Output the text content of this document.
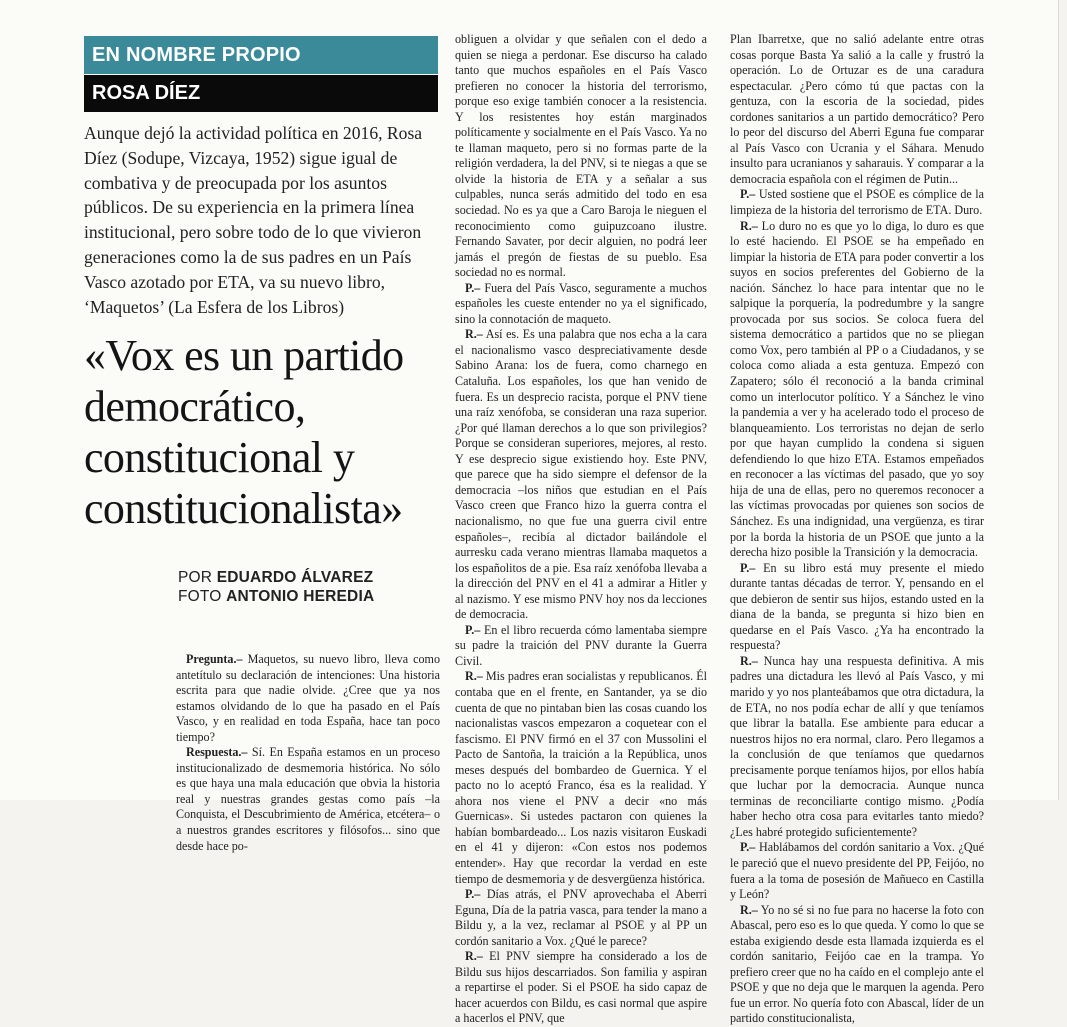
EN NOMBRE PROPIO
ROSA DÍEZ

Aunque dejó la actividad política en 2016, Rosa Díez (Sodupe, Vizcaya, 1952) sigue igual de combativa y de preocupada por los asuntos públicos. De su experiencia en la primera línea institucional, pero sobre todo de lo que vivieron generaciones como la de sus padres en un País Vasco azotado por ETA, va su nuevo libro, ‘Maquetos’ (La Esfera de los Libros)

«Vox es un partido democrático, constitucional y constitucionalista»
POR EDUARDO ÁLVAREZ
FOTO ANTONIO HEREDIA

Pregunta.– Maquetos, su nuevo libro, lleva como antetítulo su declaración de intenciones: Una historia escrita para que nadie olvide. ¿Cree que ya nos estamos olvidando de lo que ha pasado en el País Vasco, y en realidad en toda España, hace tan poco tiempo?

Respuesta.– Sí. En España estamos en un proceso institucionalizado de desmemoria histórica. No sólo es que haya una mala educación que obvia la historia real y nuestras grandes gestas como país –la Conquista, el Descubrimiento de América, etcétera– o a nuestros grandes escritores y filósofos... sino que desde hace po-

obliguen a olvidar y que señalen con el dedo a quien se niega a perdonar. Ese discurso ha calado tanto que muchos españoles en el País Vasco prefieren no conocer la historia del terrorismo, porque eso exige también conocer a la resistencia. Y los resistentes hoy están marginados políticamente y socialmente en el País Vasco. Ya no te llaman maqueto, pero si no formas parte de la religión verdadera, la del PNV, si te niegas a que se olvide la historia de ETA y a señalar a sus culpables, nunca serás admitido del todo en esa sociedad. No es ya que a Caro Baroja le nieguen el reconocimiento como guipuzcoano ilustre. Fernando Savater, por decir alguien, no podrá leer jamás el pregón de fiestas de su pueblo. Esa sociedad no es normal.

P.– Fuera del País Vasco, seguramente a muchos españoles les cueste entender no ya el significado, sino la connotación de maqueto.

R.– Así es. Es una palabra que nos echa a la cara el nacionalismo vasco despreciativamente desde Sabino Arana: los de fuera, como charnego en Cataluña. Los españoles, los que han venido de fuera. Es un desprecio racista, porque el PNV tiene una raíz xenófoba, se consideran una raza superior. ¿Por qué llaman derechos a lo que son privilegios? Porque se consideran superiores, mejores, al resto. Y ese desprecio sigue existiendo hoy. Este PNV, que parece que ha sido siempre el defensor de la democracia –los niños que estudian en el País Vasco creen que Franco hizo la guerra contra el nacionalismo, no que fue una guerra civil entre españoles–, recibía al dictador bailándole el aurresku cada verano mientras llamaba maquetos a los españolitos de a pie. Esa raíz xenófoba llevaba a la dirección del PNV en el 41 a admirar a Hitler y al nazismo. Y ese mismo PNV hoy nos da lecciones de democracia.

P.– En el libro recuerda cómo lamentaba siempre su padre la traición del PNV durante la Guerra Civil.

R.– Mis padres eran socialistas y republicanos. Él contaba que en el frente, en Santander, ya se dio cuenta de que no pintaban bien las cosas cuando los nacionalistas vascos empezaron a coquetear con el fascismo. El PNV firmó en el 37 con Mussolini el Pacto de Santoña, la traición a la República, unos meses después del bombardeo de Guernica. Y el pacto no lo aceptó Franco, ésa es la realidad. Y ahora nos viene el PNV a decir «no más Guernicas». Si ustedes pactaron con quienes la habían bombardeado... Los nazis visitaron Euskadi en el 41 y dijeron: «Con estos nos podemos entender». Hay que recordar la verdad en este tiempo de desmemoria y de desvergüenza histórica.

P.– Días atrás, el PNV aprovechaba el Aberri Eguna, Día de la patria vasca, para tender la mano a Bildu y, a la vez, reclamar al PSOE y al PP un cordón sanitario a Vox. ¿Qué le parece?

R.– El PNV siempre ha considerado a los de Bildu sus hijos descarriados. Son familia y aspiran a repartirse el poder. Si el PSOE ha sido capaz de hacer acuerdos con Bildu, es casi normal que aspire a hacerlos el PNV, que

Plan Ibarretxe, que no salió adelante entre otras cosas porque Basta Ya salió a la calle y frustró la operación. Lo de Ortuzar es de una caradura espectacular. ¿Pero cómo tú que pactas con la gentuza, con la escoria de la sociedad, pides cordones sanitarios a un partido democrático? Pero lo peor del discurso del Aberri Eguna fue comparar al País Vasco con Ucrania y el Sáhara. Menudo insulto para ucranianos y saharauis. Y comparar a la democracia española con el régimen de Putin...

P.– Usted sostiene que el PSOE es cómplice de la limpieza de la historia del terrorismo de ETA. Duro.

R.– Lo duro no es que yo lo diga, lo duro es que lo esté haciendo. El PSOE se ha empeñado en limpiar la historia de ETA para poder convertir a los suyos en socios preferentes del Gobierno de la nación. Sánchez lo hace para intentar que no le salpique la porquería, la podredumbre y la sangre provocada por sus socios. Se coloca fuera del sistema democrático a partidos que no se pliegan como Vox, pero también al PP o a Ciudadanos, y se coloca como aliada a esta gentuza. Empezó con Zapatero; sólo él reconoció a la banda criminal como un interlocutor político. Y a Sánchez le vino la pandemia a ver y ha acelerado todo el proceso de blanqueamiento. Los terroristas no dejan de serlo por que hayan cumplido la condena si siguen defendiendo lo que hizo ETA. Estamos empeñados en reconocer a las víctimas del pasado, que yo soy hija de una de ellas, pero no queremos reconocer a las víctimas provocadas por quienes son socios de Sánchez. Es una indignidad, una vergüenza, es tirar por la borda la historia de un PSOE que junto a la derecha hizo posible la Transición y la democracia.

P.– En su libro está muy presente el miedo durante tantas décadas de terror. Y, pensando en el que debieron de sentir sus hijos, estando usted en la diana de la banda, se pregunta si hizo bien en quedarse en el País Vasco. ¿Ya ha encontrado la respuesta?

R.– Nunca hay una respuesta definitiva. A mis padres una dictadura les llevó al País Vasco, y mi marido y yo nos planteábamos que otra dictadura, la de ETA, no nos podía echar de allí y que teníamos que librar la batalla. Ese ambiente para educar a nuestros hijos no era normal, claro. Pero llegamos a la conclusión de que teníamos que quedarnos precisamente porque teníamos hijos, por ellos había que luchar por la democracia. Aunque nunca terminas de reconciliarte contigo mismo. ¿Podía haber hecho otra cosa para evitarles tanto miedo? ¿Les habré protegido suficientemente?

P.– Hablábamos del cordón sanitario a Vox. ¿Qué le pareció que el nuevo presidente del PP, Feijóo, no fuera a la toma de posesión de Mañueco en Castilla y León?

R.– Yo no sé si no fue para no hacerse la foto con Abascal, pero eso es lo que queda. Y como lo que se estaba exigiendo desde esta llamada izquierda es el cordón sanitario, Feijóo cae en la trampa. Yo prefiero creer que no ha caído en el complejo ante el PSOE y que no deja que le marquen la agenda. Pero fue un error. No quería foto con Abascal, líder de un partido constitucionalista,
